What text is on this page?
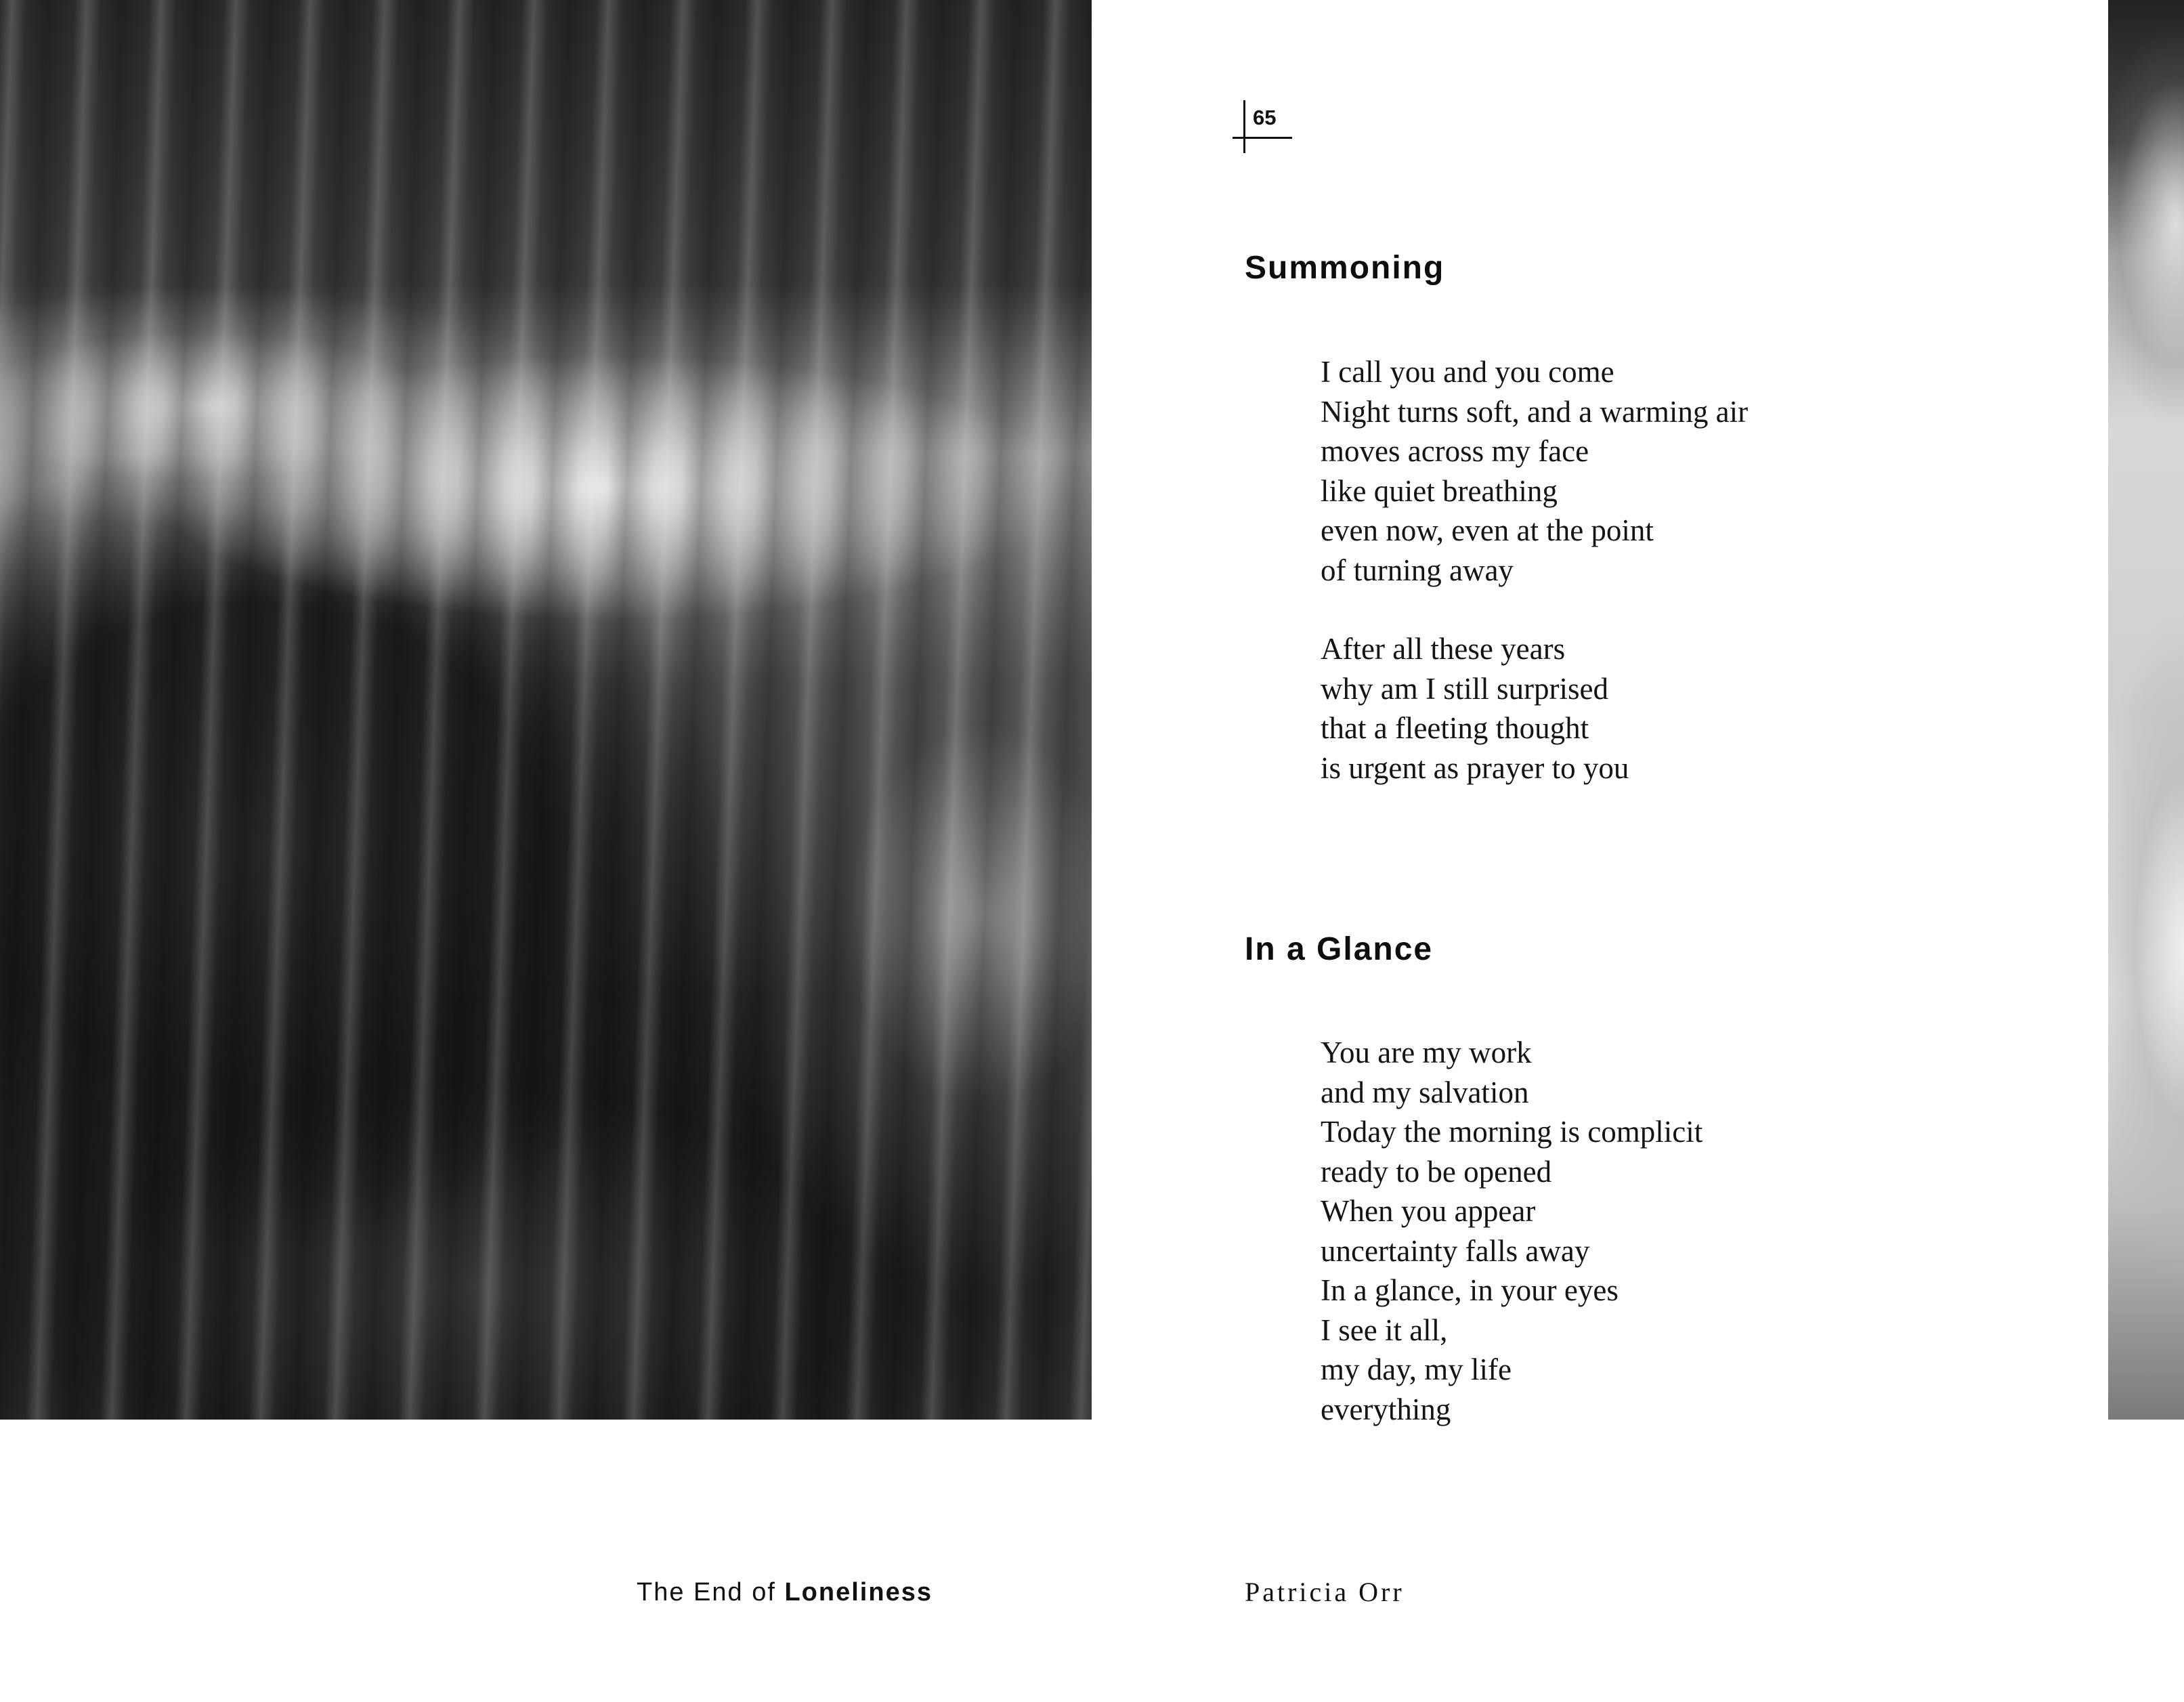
65
Summoning
I call you and you come
Night turns soft, and a warming air
moves across my face
like quiet breathing
even now, even at the point
of turning away
After all these years
why am I still surprised
that a fleeting thought
is urgent as prayer to you
In a Glance
You are my work
and my salvation
Today the morning is complicit
ready to be opened
When you appear
uncertainty falls away
In a glance, in your eyes
I see it all,
my day, my life
everything
The End of Loneliness	Patricia Orr
